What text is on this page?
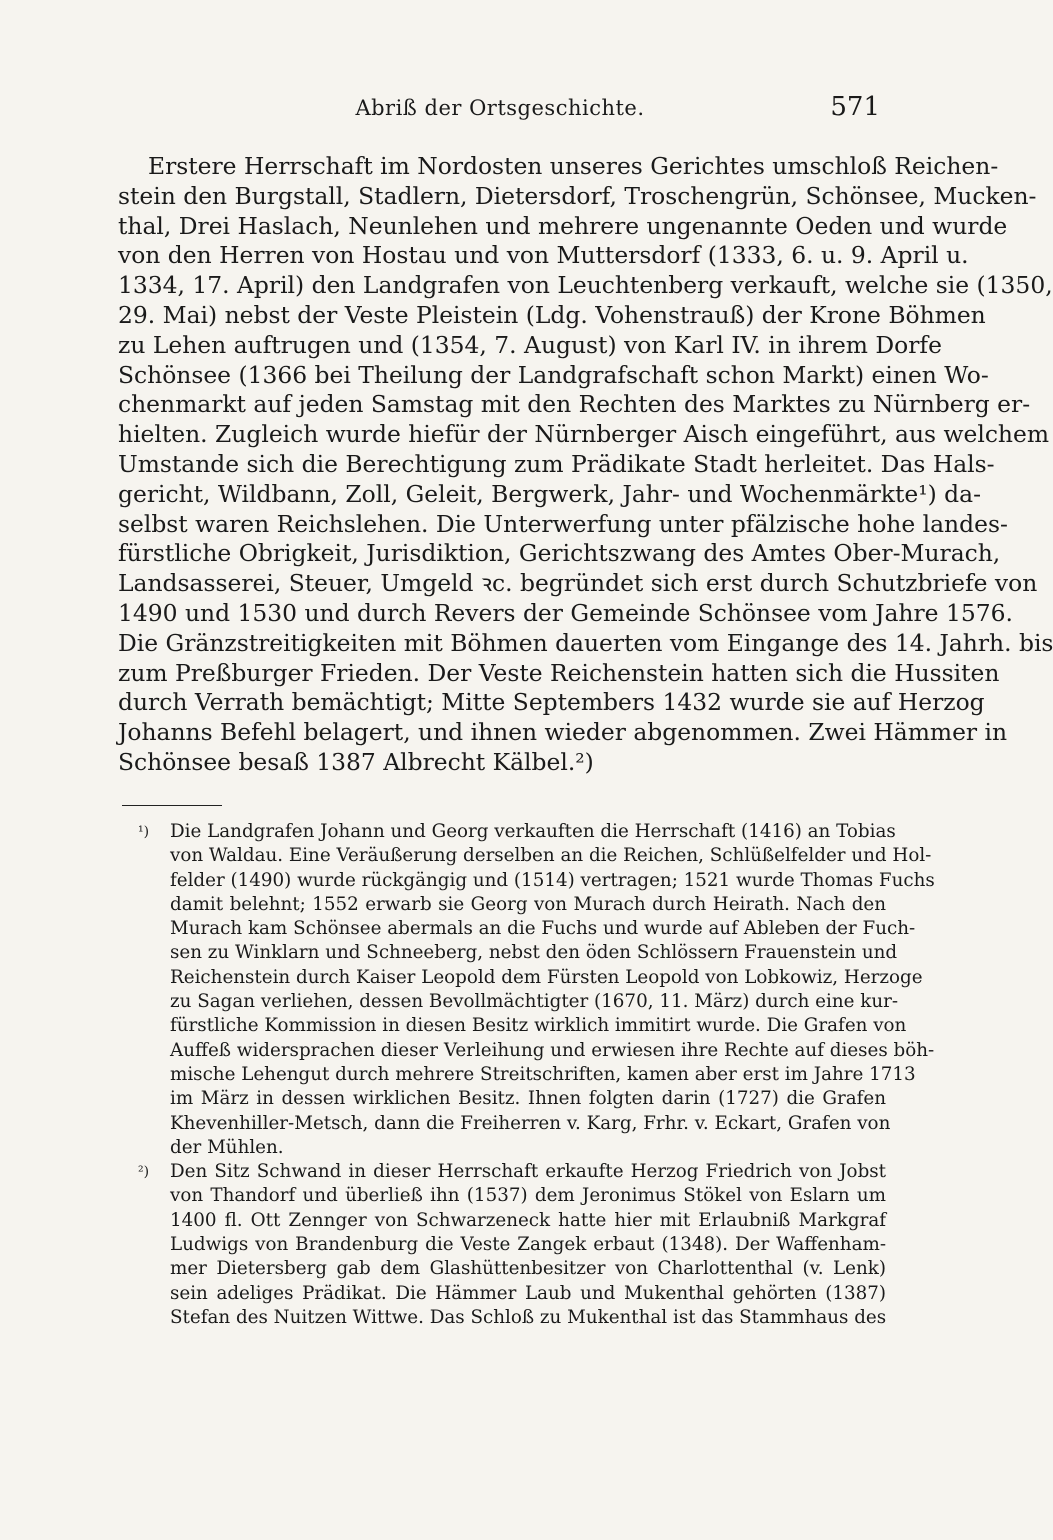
Abriß der Ortsgeschichte.	571
Erstere Herrschaft im Nordosten unseres Gerichtes umschloß Reichen-
stein den Burgstall, Stadlern, Dietersdorf, Troschengrün, Schönsee, Mucken-
thal, Drei Haslach, Neunlehen und mehrere ungenannte Oeden und wurde
von den Herren von Hostau und von Muttersdorf (1333, 6. u. 9. April u.
1334, 17. April) den Landgrafen von Leuchtenberg verkauft, welche sie (1350,
29. Mai) nebst der Veste Pleistein (Ldg. Vohenstrauß) der Krone Böhmen
zu Lehen auftrugen und (1354, 7. August) von Karl IV. in ihrem Dorfe
Schönsee (1366 bei Theilung der Landgrafschaft schon Markt) einen Wo-
chenmarkt auf jeden Samstag mit den Rechten des Marktes zu Nürnberg er-
hielten. Zugleich wurde hiefür der Nürnberger Aisch eingeführt, aus welchem
Umstande sich die Berechtigung zum Prädikate Stadt herleitet. Das Hals-
gericht, Wildbann, Zoll, Geleit, Bergwerk, Jahr- und Wochenmärkte¹) da-
selbst waren Reichslehen. Die Unterwerfung unter pfälzische hohe landes-
fürstliche Obrigkeit, Jurisdiktion, Gerichtszwang des Amtes Ober-Murach,
Landsasserei, Steuer, Umgeld ꝛc. begründet sich erst durch Schutzbriefe von
1490 und 1530 und durch Revers der Gemeinde Schönsee vom Jahre 1576.
Die Gränzstreitigkeiten mit Böhmen dauerten vom Eingange des 14. Jahrh. bis
zum Preßburger Frieden. Der Veste Reichenstein hatten sich die Hussiten
durch Verrath bemächtigt; Mitte Septembers 1432 wurde sie auf Herzog
Johanns Befehl belagert, und ihnen wieder abgenommen. Zwei Hämmer in
Schönsee besaß 1387 Albrecht Kälbel.²)
¹) Die Landgrafen Johann und Georg verkauften die Herrschaft (1416) an Tobias
von Waldau. Eine Veräußerung derselben an die Reichen, Schlüßelfelder und Hol-
felder (1490) wurde rückgängig und (1514) vertragen; 1521 wurde Thomas Fuchs
damit belehnt; 1552 erwarb sie Georg von Murach durch Heirath. Nach den
Murach kam Schönsee abermals an die Fuchs und wurde auf Ableben der Fuch-
sen zu Winklarn und Schneeberg, nebst den öden Schlössern Frauenstein und
Reichenstein durch Kaiser Leopold dem Fürsten Leopold von Lobkowiz, Herzoge
zu Sagan verliehen, dessen Bevollmächtigter (1670, 11. März) durch eine kur-
fürstliche Kommission in diesen Besitz wirklich immitirt wurde. Die Grafen von
Auffeß widersprachen dieser Verleihung und erwiesen ihre Rechte auf dieses böh-
mische Lehengut durch mehrere Streitschriften, kamen aber erst im Jahre 1713
im März in dessen wirklichen Besitz. Ihnen folgten darin (1727) die Grafen
Khevenhiller-Metsch, dann die Freiherren v. Karg, Frhr. v. Eckart, Grafen von
der Mühlen.
²) Den Sitz Schwand in dieser Herrschaft erkaufte Herzog Friedrich von Jobst
von Thandorf und überließ ihn (1537) dem Jeronimus Stökel von Eslarn um
1400 fl. Ott Zennger von Schwarzeneck hatte hier mit Erlaubniß Markgraf
Ludwigs von Brandenburg die Veste Zangek erbaut (1348). Der Waffenham-
mer Dietersberg gab dem Glashüttenbesitzer von Charlottenthal (v. Lenk)
sein adeliges Prädikat. Die Hämmer Laub und Mukenthal gehörten (1387)
Stefan des Nuitzen Wittwe. Das Schloß zu Mukenthal ist das Stammhaus des
